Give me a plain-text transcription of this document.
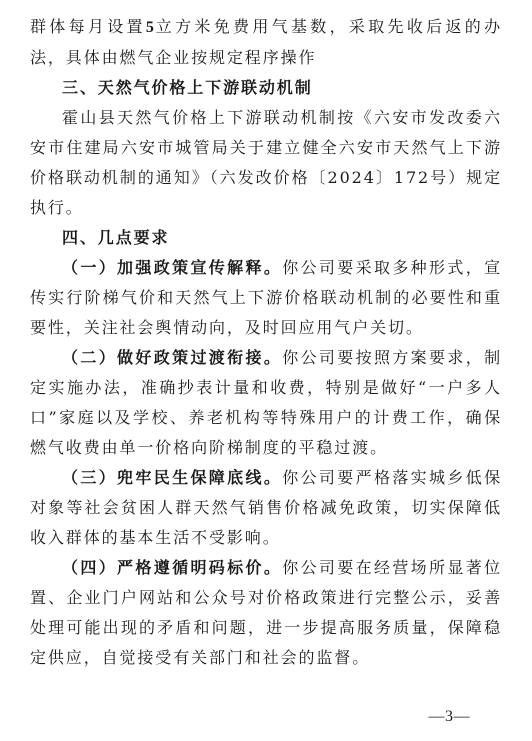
群体每月设置5立方米免费用气基数，采取先收后返的办法，具体由燃气企业按规定程序操作

三、天然气价格上下游联动机制

霍山县天然气价格上下游联动机制按《六安市发改委六安市住建局六安市城管局关于建立健全六安市天然气上下游价格联动机制的通知》（六发改价格〔2024〕172号）规定执行。

四、几点要求

（一）加强政策宣传解释。你公司要采取多种形式，宣传实行阶梯气价和天然气上下游价格联动机制的必要性和重要性，关注社会舆情动向，及时回应用气户关切。

（二）做好政策过渡衔接。你公司要按照方案要求，制定实施办法，准确抄表计量和收费，特别是做好“一户多人口”家庭以及学校、养老机构等特殊用户的计费工作，确保燃气收费由单一价格向阶梯制度的平稳过渡。

（三）兜牢民生保障底线。你公司要严格落实城乡低保对象等社会贫困人群天然气销售价格减免政策，切实保障低收入群体的基本生活不受影响。

（四）严格遵循明码标价。你公司要在经营场所显著位置、企业门户网站和公众号对价格政策进行完整公示，妥善处理可能出现的矛盾和问题，进一步提高服务质量，保障稳定供应，自觉接受有关部门和社会的监督。

—3—
